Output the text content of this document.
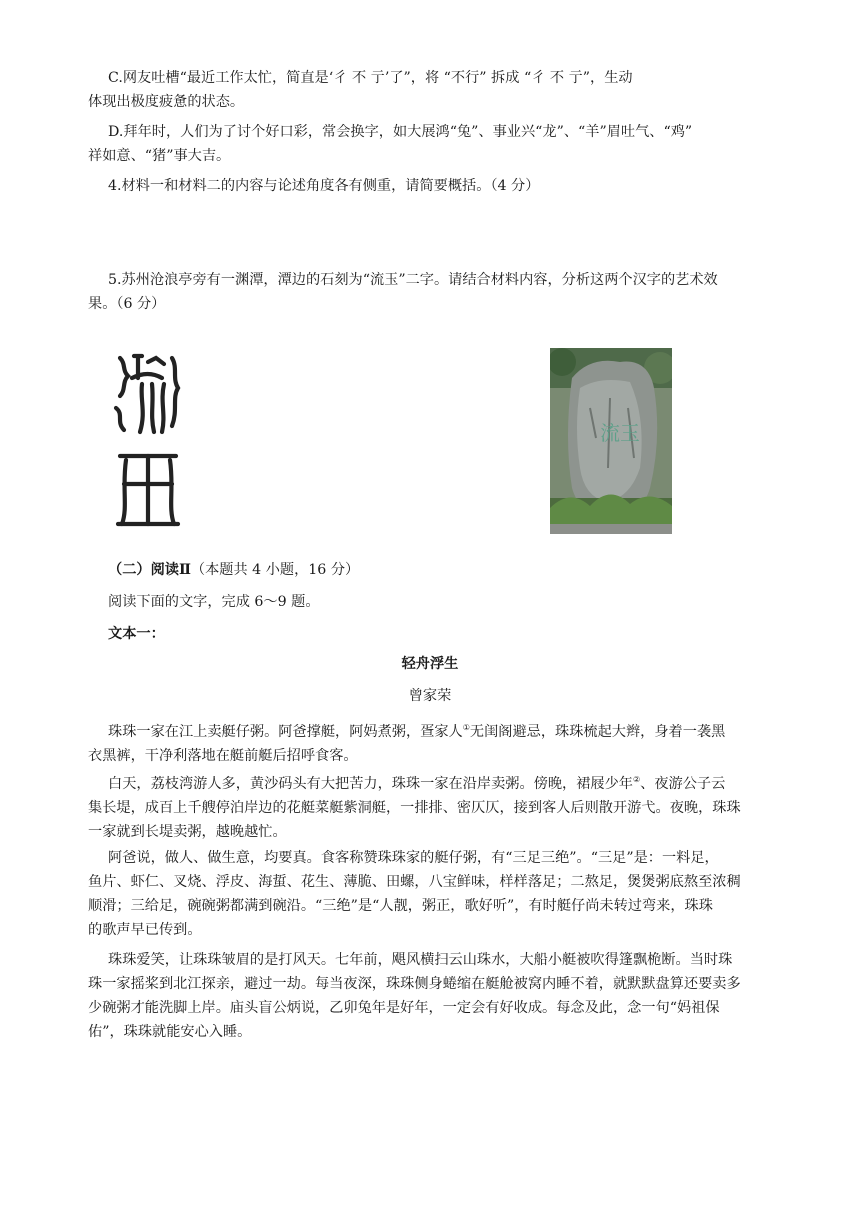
C.网友吐槽“最近工作太忙，简直是‘彳 不 亍’了”，将 “不行” 拆成 “彳 不 亍”，生动
体现出极度疲惫的状态。

D.拜年时，人们为了讨个好口彩，常会换字，如大展鸿“兔”、事业兴“龙”、“羊”眉吐气、“鸡”
祥如意、“猪”事大吉。

4.材料一和材料二的内容与论述角度各有侧重，请简要概括。（4 分）

5.苏州沧浪亭旁有一渊潭，潭边的石刻为“流玉”二字。请结合材料内容，分析这两个汉字的艺术效
果。（6 分）

流玉

（二）阅读Ⅱ（本题共 4 小题，16 分）

阅读下面的文字，完成 6～9 题。

文本一：

轻舟浮生

曾家荣

珠珠一家在江上卖艇仔粥。阿爸撑艇，阿妈煮粥，疍家人①无闺阁避忌，珠珠梳起大辫，身着一袭黑
衣黑裤，干净利落地在艇前艇后招呼食客。

白天，荔枝湾游人多，黄沙码头有大把苦力，珠珠一家在沿岸卖粥。傍晚，裙屐少年②、夜游公子云
集长堤，成百上千艘停泊岸边的花艇菜艇紫洞艇，一排排、密仄仄，接到客人后则散开游弋。夜晚，珠珠
一家就到长堤卖粥，越晚越忙。

阿爸说，做人、做生意，均要真。食客称赞珠珠家的艇仔粥，有“三足三绝”。“三足”是：一料足，
鱼片、虾仁、叉烧、浮皮、海蜇、花生、薄脆、田螺，八宝鲜味，样样落足；二熬足，煲煲粥底熬至浓稠
顺滑；三给足，碗碗粥都满到碗沿。“三绝”是“人靓，粥正，歌好听”，有时艇仔尚未转过弯来，珠珠
的歌声早已传到。

珠珠爱笑，让珠珠皱眉的是打风天。七年前，飓风横扫云山珠水，大船小艇被吹得篷飘桅断。当时珠
珠一家摇桨到北江探亲，避过一劫。每当夜深，珠珠侧身蜷缩在艇舱被窝内睡不着，就默默盘算还要卖多
少碗粥才能洗脚上岸。庙头盲公炳说，乙卯兔年是好年，一定会有好收成。每念及此，念一句“妈祖保
佑”，珠珠就能安心入睡。
